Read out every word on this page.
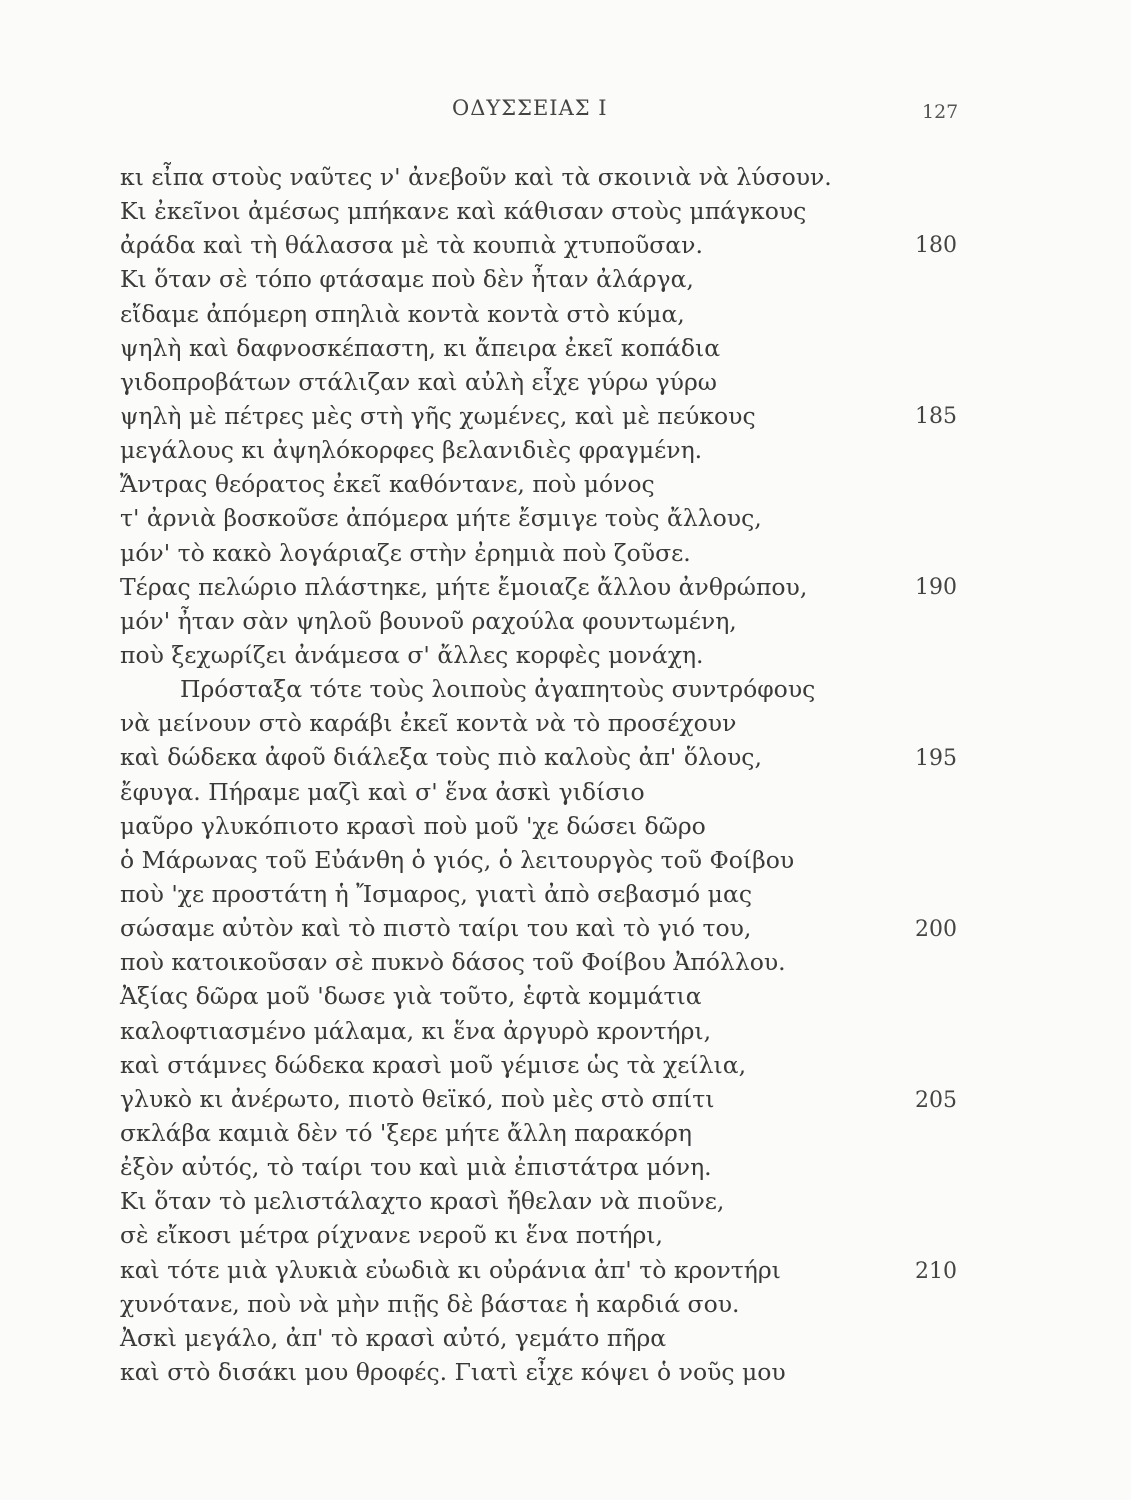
ΟΔΥΣΣΕΙΑΣ Ι	127
κι εἶπα στοὺς ναῦτες ν' ἀνεβοῦν καὶ τὰ σκοινιὰ νὰ λύσουν.
Κι ἐκεῖνοι ἀμέσως μπήκανε καὶ κάθισαν στοὺς μπάγκους
ἀράδα καὶ τὴ θάλασσα μὲ τὰ κουπιὰ χτυποῦσαν.
Κι ὅταν σὲ τόπο φτάσαμε ποὺ δὲν ἦταν ἀλάργα,
εἴδαμε ἀπόμερη σπηλιὰ κοντὰ κοντὰ στὸ κύμα,
ψηλὴ καὶ δαφνοσκέπαστη, κι ἄπειρα ἐκεῖ κοπάδια
γιδοπροβάτων στάλιζαν καὶ αὐλὴ εἶχε γύρω γύρω
ψηλὴ μὲ πέτρες μὲς στὴ γῆς χωμένες, καὶ μὲ πεύκους
μεγάλους κι ἀψηλόκορφες βελανιδιὲς φραγμένη.
Ἄντρας θεόρατος ἐκεῖ καθόντανε, ποὺ μόνος
τ' ἀρνιὰ βοσκοῦσε ἀπόμερα μήτε ἔσμιγε τοὺς ἄλλους,
μόν' τὸ κακὸ λογάριαζε στὴν ἐρημιὰ ποὺ ζοῦσε.
Τέρας πελώριο πλάστηκε, μήτε ἔμοιαζε ἄλλου ἀνθρώπου,
μόν' ἦταν σὰν ψηλοῦ βουνοῦ ραχούλα φουντωμένη,
ποὺ ξεχωρίζει ἀνάμεσα σ' ἄλλες κορφὲς μονάχη.
Πρόσταξα τότε τοὺς λοιποὺς ἀγαπητοὺς συντρόφους
νὰ μείνουν στὸ καράβι ἐκεῖ κοντὰ νὰ τὸ προσέχουν
καὶ δώδεκα ἀφοῦ διάλεξα τοὺς πιὸ καλοὺς ἀπ' ὅλους,
ἔφυγα. Πήραμε μαζὶ καὶ σ' ἕνα ἀσκὶ γιδίσιο
μαῦρο γλυκόπιοτο κρασὶ ποὺ μοῦ 'χε δώσει δῶρο
ὁ Μάρωνας τοῦ Εὐάνθη ὁ γιός, ὁ λειτουργὸς τοῦ Φοίβου
ποὺ 'χε προστάτη ἡ Ἴσμαρος, γιατὶ ἀπὸ σεβασμό μας
σώσαμε αὐτὸν καὶ τὸ πιστὸ ταίρι του καὶ τὸ γιό του,
ποὺ κατοικοῦσαν σὲ πυκνὸ δάσος τοῦ Φοίβου Ἀπόλλου.
Ἀξίας δῶρα μοῦ 'δωσε γιὰ τοῦτο, ἑφτὰ κομμάτια
καλοφτιασμένο μάλαμα, κι ἕνα ἀργυρὸ κροντήρι,
καὶ στάμνες δώδεκα κρασὶ μοῦ γέμισε ὡς τὰ χείλια,
γλυκὸ κι ἀνέρωτο, πιοτὸ θεϊκό, ποὺ μὲς στὸ σπίτι
σκλάβα καμιὰ δὲν τό 'ξερε μήτε ἄλλη παρακόρη
ἐξὸν αὐτός, τὸ ταίρι του καὶ μιὰ ἐπιστάτρα μόνη.
Κι ὅταν τὸ μελιστάλαχτο κρασὶ ἤθελαν νὰ πιοῦνε,
σὲ εἴκοσι μέτρα ρίχνανε νεροῦ κι ἕνα ποτήρι,
καὶ τότε μιὰ γλυκιὰ εὐωδιὰ κι οὐράνια ἀπ' τὸ κροντήρι
χυνότανε, ποὺ νὰ μὴν πιῇς δὲ βάσταε ἡ καρδιά σου.
Ἀσκὶ μεγάλο, ἀπ' τὸ κρασὶ αὐτό, γεμάτο πῆρα
καὶ στὸ δισάκι μου θροφές. Γιατὶ εἶχε κόψει ὁ νοῦς μου
180
185
190
195
200
205
210
